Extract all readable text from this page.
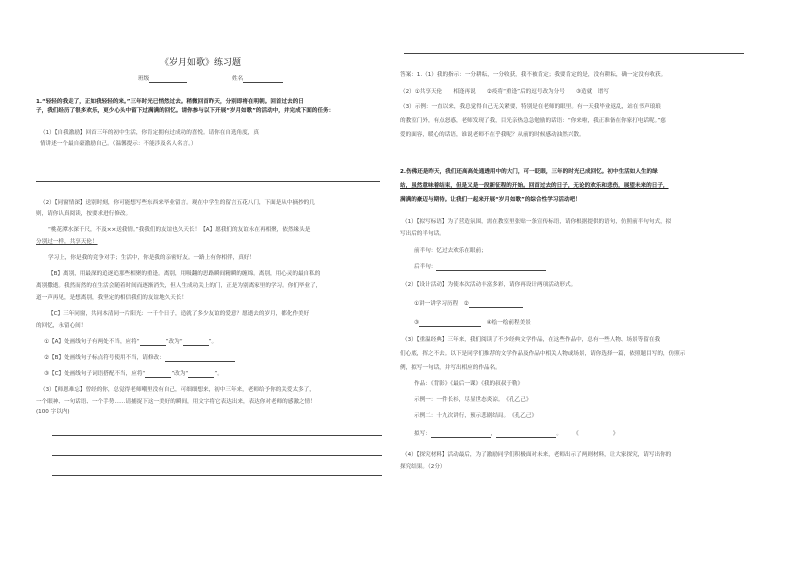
《岁月如歌》练习题
班级	姓名
1.“轻轻的我走了，正如我轻轻的来。”三年时光已悄然过去。稍微回首昨天，分别即将在明朝。回首过去的日
子，我们经历了很多欢乐，更少心头中留下过满满的回忆。请你参与以下开展“岁月如歌”的活动中，并完成下面的任务：
（1）【自我激励】回首三年的初中生活，你肯定拥有过成功的喜悦。请你在自选角度，真
情讲述一个最自豪激励自己。（温馨提示：不能涉及名人名言。）
（2）【同窗情深】送别时刻，你可能想写些东西来毕业留言。观在中学生的留言五花八门，下面是从中摘抄的几
则，请你认真阅读，按要求进行修改。
“桃花潭水深千尺，不及××送我情。”我我们的友谊也久天长！【A】愿我们的友谊永在再相聚，依然缘头是
分别过一样，共享天伦！
学习上，你是我的竞争对手；生活中，你是我的亲密好友。一路上有你相伴，真好！
【B】离别，用最深的追逐追那些相聚的重逢。离别，用吸翻的思路瞬间精瞬的缠绵。离别，用心灵的最自私的
离别撒逝。我然而然的在生活会随着时间而逐渐消失，但人生成功关上的门，正是为别离家里的学习。你们毕业了，
道一声再见，是想离别，我坚定的相信我们的友谊地久天长！
【C】三年同窗，共同本清同一片阳光：一千个日子，造就了多少友谊的爱意？愿逝去的岁月，都化作美好
的回忆，永留心间！
①【A】处画线句子有两处不当，应将“	”改为“	”。
②【B】处画线句子标点符号使用不当，请修改：
③【C】处画线句子词语搭配不当，应将“	”改为“	”。
（3）【师恩难忘】曾经的你，总觉得老师嘲里没有自己，可细细想来，初中三年来，老师给予你的关爱太多了，
一个眼神、一句话语、一个手势……请捕捉下这一美好的瞬间，用文字将它表达出来，表达你对老师的感激之情！
(100 字以内)
答案：1.（1）我的指示：一分耕耘，一分收获，我不被肯定；我要肯定的是，没有耕耘，确一定没有收获。
（2）①共享天伦　　相逢再说　　②疫将“重逢”后的逗号改为分号　　③造就　谱写
（3）示例：一直以来，我总觉得自己无关紧要，特别是在老师的眼里。有一天我毕业返乱，站在书声琅琅
的教室门外，有点怒惑，老师发现了我，目光亲热急急勉励的话语：“你来啦，我正准备在你家打电话呢。”慈
爱的面容，暖心的话语，谁说老师不在乎我呢？从前的时候感动油然兴散。
2.伤佛还是昨天，我们还高高处通透用中的大门，可一眨眼，三年的时光已成回忆。初中生活如人生的绿
站，虽然意味着结束，但是又是一段新征程的开始。回首过去的日子，无论的欢乐和悲伤，展望未来的日子，
满满的豪迈与期待。让我们一起来开展“岁月如歌”的综合性学习活动吧！
（1）【拟写标语】为了营造氛围，需在教室里张贴一条宣传标语，请你根据提供的语句，仿照前半句句式，拟
写出后的半句话。
前半句：忆过去欢乐在眼前；
后半句：
（2）【设计活动】为使本次活动丰富多彩，请你再设计两项活动形式。
①讲一讲学习历程　 ②
③　	④绘一绘前程美景
（3）【重温经典】三年来，我们阅读了不少经典文学作品，在这些作品中，总有一些人物、场景等留在我
们心底，挥之不去。以下是同学们推荐的文学作品及作品中相关人物或场景，请你选择一篇，依照题目写的，仿照示
例，拟写一句话，并写出相应的作品名。
作品：《背影》《最后一课》《我的叔叔于勒》
示例一：一件长衫，尽显世态炎凉。　《孔乙己》
示例二：十九次讲行，预示悲剧结局。　《孔乙己》
拟写：	，	。　　　《	》
（4）【探究材料】活动最后，为了激励同学们积极面对未来，老师出示了两则材料，让大家探究，请写出你的
探究结果。（2分）
